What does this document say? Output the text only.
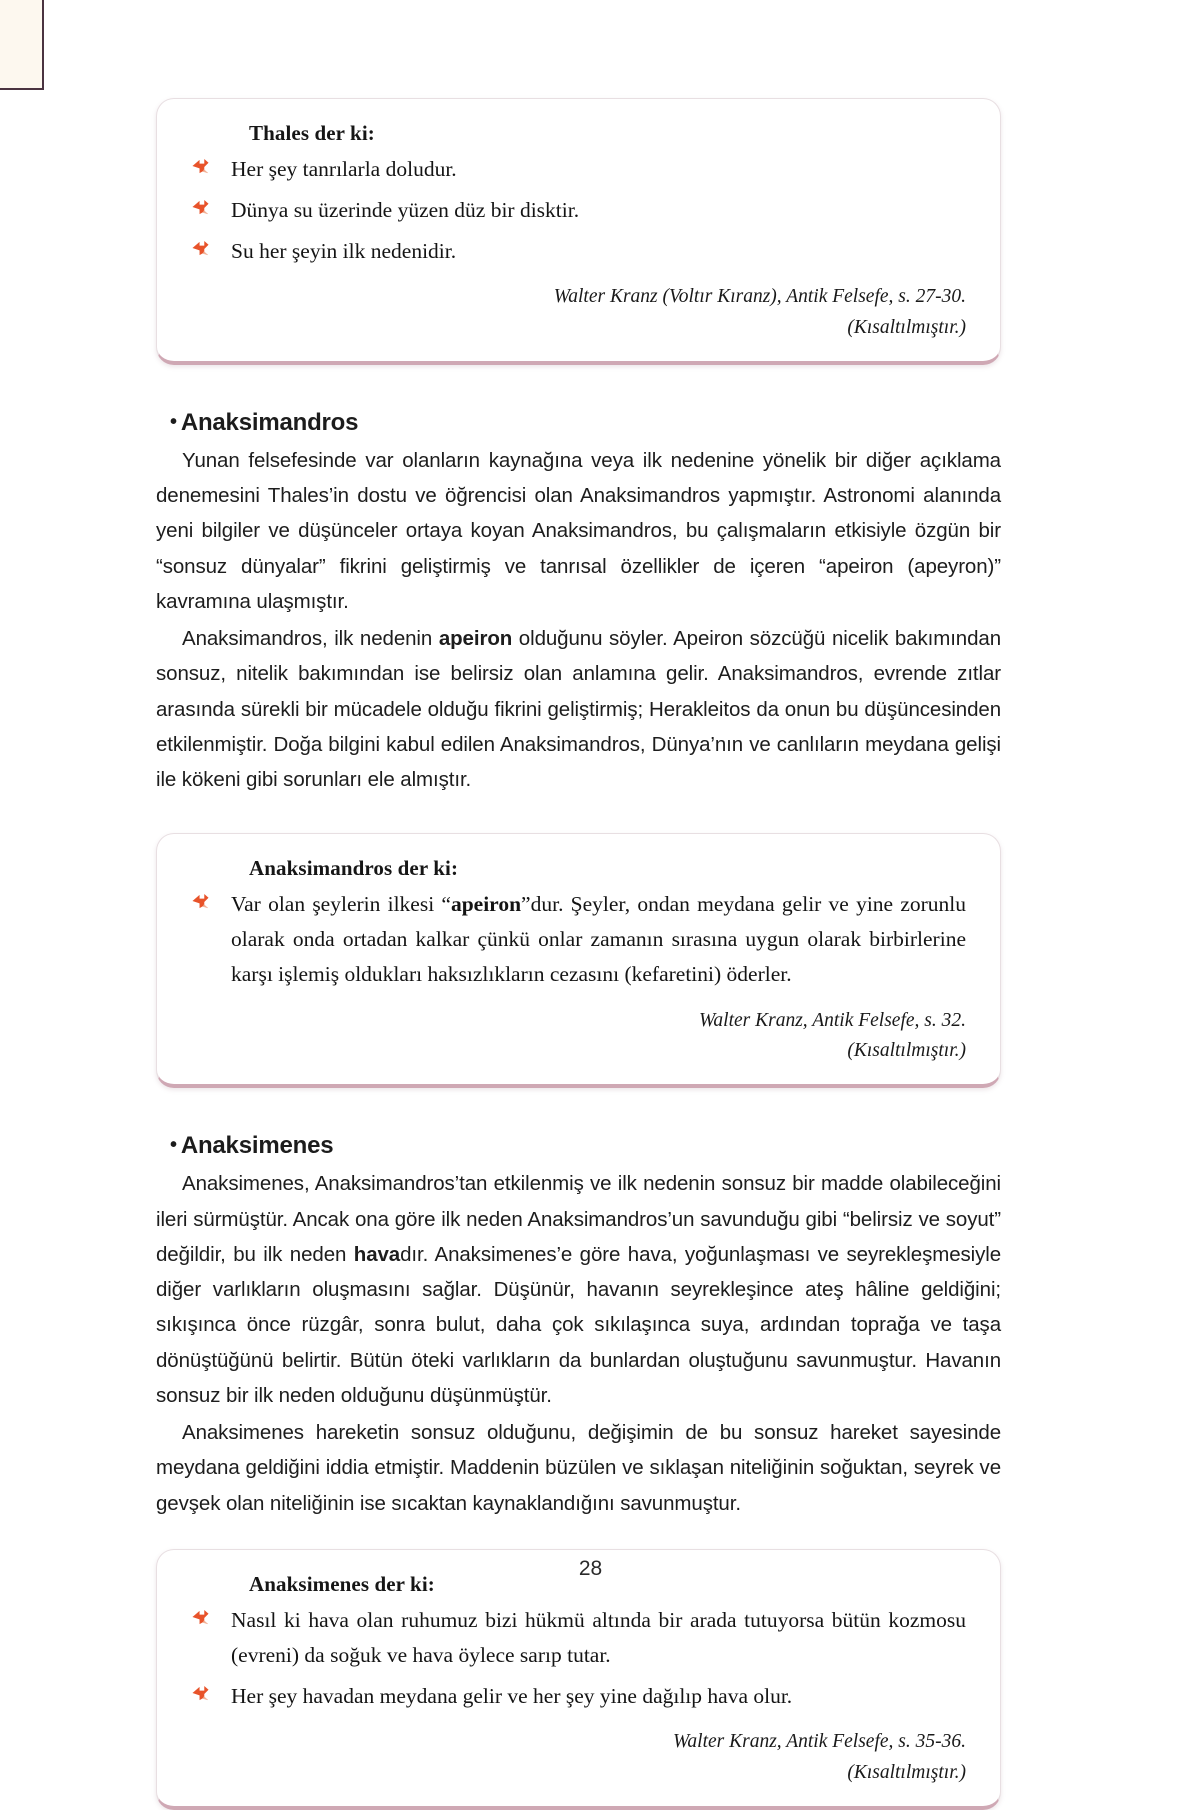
Thales der ki:
Her şey tanrılarla doludur.
Dünya su üzerinde yüzen düz bir disktir.
Su her şeyin ilk nedenidir.
Walter Kranz (Voltır Kıranz), Antik Felsefe, s. 27-30.
(Kısaltılmıştır.)
• Anaksimandros

Yunan felsefesinde var olanların kaynağına veya ilk nedenine yönelik bir diğer açıklama denemesini Thales’in dostu ve öğrencisi olan Anaksimandros yapmıştır. Astronomi alanında yeni bilgiler ve düşünceler ortaya koyan Anaksimandros, bu çalışmaların etkisiyle özgün bir “sonsuz dünyalar” fikrini geliştirmiş ve tanrısal özellikler de içeren “apeiron (apeyron)” kavramına ulaşmıştır.

Anaksimandros, ilk nedenin apeiron olduğunu söyler. Apeiron sözcüğü nicelik bakımından sonsuz, nitelik bakımından ise belirsiz olan anlamına gelir. Anaksimandros, evrende zıtlar arasında sürekli bir mücadele olduğu fikrini geliştirmiş; Herakleitos da onun bu düşüncesinden etkilenmiştir. Doğa bilgini kabul edilen Anaksimandros, Dünya’nın ve canlıların meydana gelişi ile kökeni gibi sorunları ele almıştır.

Anaksimandros der ki:
Var olan şeylerin ilkesi “apeiron”dur. Şeyler, ondan meydana gelir ve yine zorunlu olarak onda ortadan kalkar çünkü onlar zamanın sırasına uygun olarak birbirlerine karşı işlemiş oldukları haksızlıkların cezasını (kefaretini) öderler.
Walter Kranz, Antik Felsefe, s. 32.
(Kısaltılmıştır.)
• Anaksimenes

Anaksimenes, Anaksimandros’tan etkilenmiş ve ilk nedenin sonsuz bir madde olabileceğini ileri sürmüştür. Ancak ona göre ilk neden Anaksimandros’un savunduğu gibi “belirsiz ve soyut” değildir, bu ilk neden havadır. Anaksimenes’e göre hava, yoğunlaşması ve seyrekleşmesiyle diğer varlıkların oluşmasını sağlar. Düşünür, havanın seyrekleşince ateş hâline geldiğini; sıkışınca önce rüzgâr, sonra bulut, daha çok sıkılaşınca suya, ardından toprağa ve taşa dönüştüğünü belirtir. Bütün öteki varlıkların da bunlardan oluştuğunu savunmuştur. Havanın sonsuz bir ilk neden olduğunu düşünmüştür.

Anaksimenes hareketin sonsuz olduğunu, değişimin de bu sonsuz hareket sayesinde meydana geldiğini iddia etmiştir. Maddenin büzülen ve sıklaşan niteliğinin soğuktan, seyrek ve gevşek olan niteliğinin ise sıcaktan kaynaklandığını savunmuştur.

Anaksimenes der ki:
Nasıl ki hava olan ruhumuz bizi hükmü altında bir arada tutuyorsa bütün kozmosu (evreni) da soğuk ve hava öylece sarıp tutar.
Her şey havadan meydana gelir ve her şey yine dağılıp hava olur.
Walter Kranz, Antik Felsefe, s. 35-36.
(Kısaltılmıştır.)
28
